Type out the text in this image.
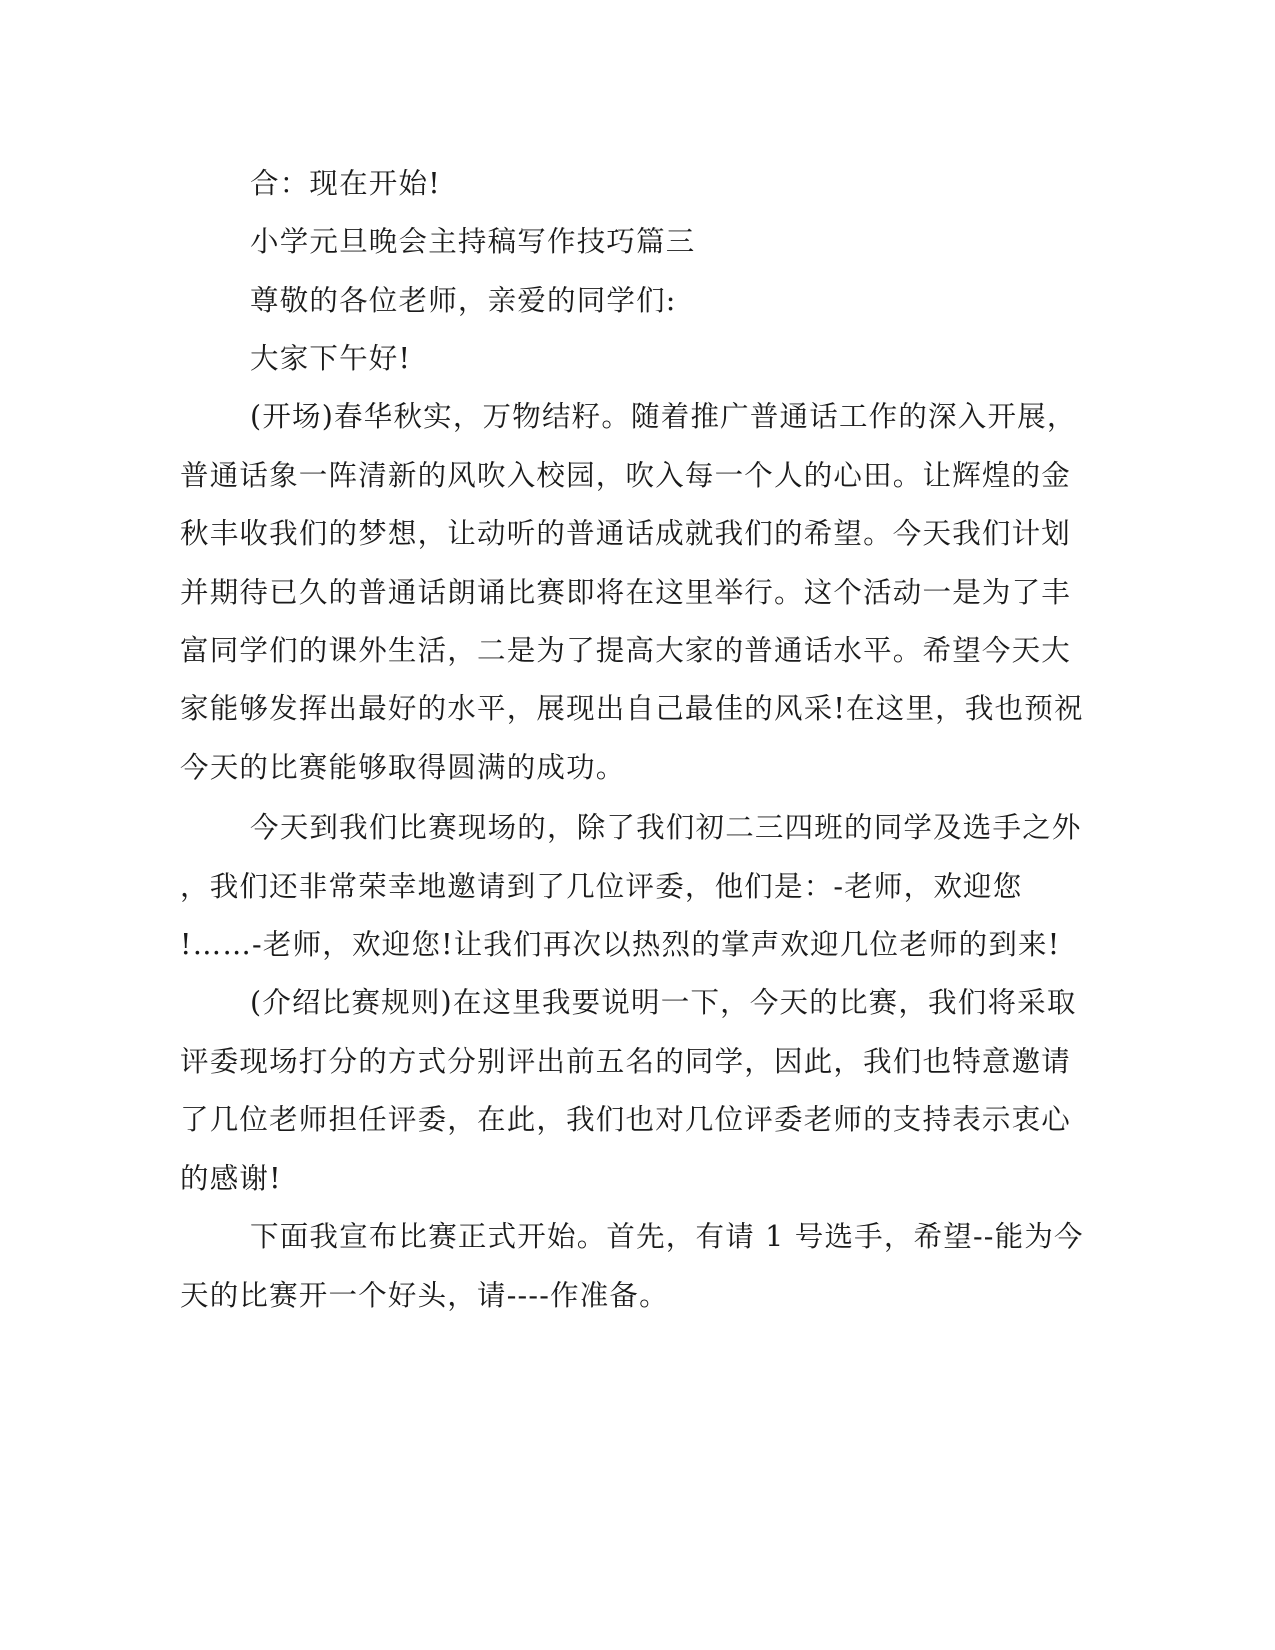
合：现在开始!
小学元旦晚会主持稿写作技巧篇三
尊敬的各位老师，亲爱的同学们:
大家下午好!
(开场)春华秋实，万物结籽。随着推广普通话工作的深入开展，
普通话象一阵清新的风吹入校园，吹入每一个人的心田。让辉煌的金
秋丰收我们的梦想，让动听的普通话成就我们的希望。今天我们计划
并期待已久的普通话朗诵比赛即将在这里举行。这个活动一是为了丰
富同学们的课外生活，二是为了提高大家的普通话水平。希望今天大
家能够发挥出最好的水平，展现出自己最佳的风采!在这里，我也预祝
今天的比赛能够取得圆满的成功。
今天到我们比赛现场的，除了我们初二三四班的同学及选手之外
，我们还非常荣幸地邀请到了几位评委，他们是：-老师，欢迎您
!……-老师，欢迎您!让我们再次以热烈的掌声欢迎几位老师的到来!
(介绍比赛规则)在这里我要说明一下，今天的比赛，我们将采取
评委现场打分的方式分别评出前五名的同学，因此，我们也特意邀请
了几位老师担任评委，在此，我们也对几位评委老师的支持表示衷心
的感谢!
下面我宣布比赛正式开始。首先，有请 1 号选手，希望--能为今
天的比赛开一个好头，请----作准备。
